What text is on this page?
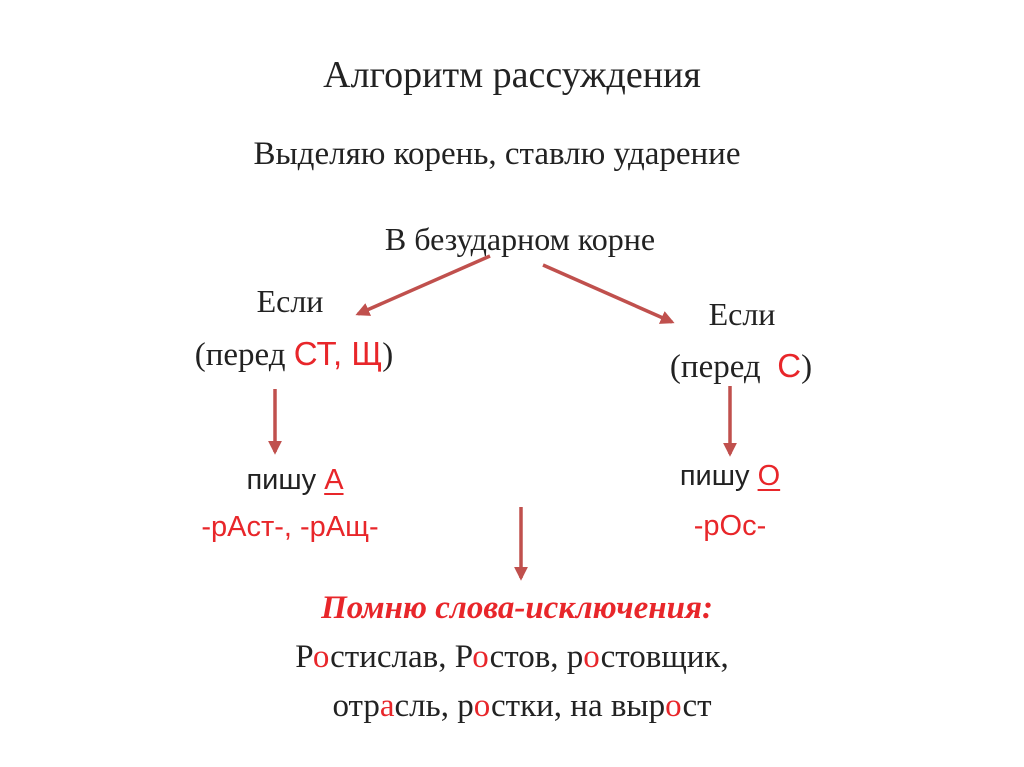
Алгоритм рассуждения
Выделяю корень, ставлю ударение
В безударном корне
Если
(перед СТ, Щ)
Если
(перед  С)
пишу А
-рАст-, -рАщ-
пишу О
-рОс-
Помню слова-исключения:
Ростислав, Ростов, ростовщик,
отрасль, ростки, на вырост
